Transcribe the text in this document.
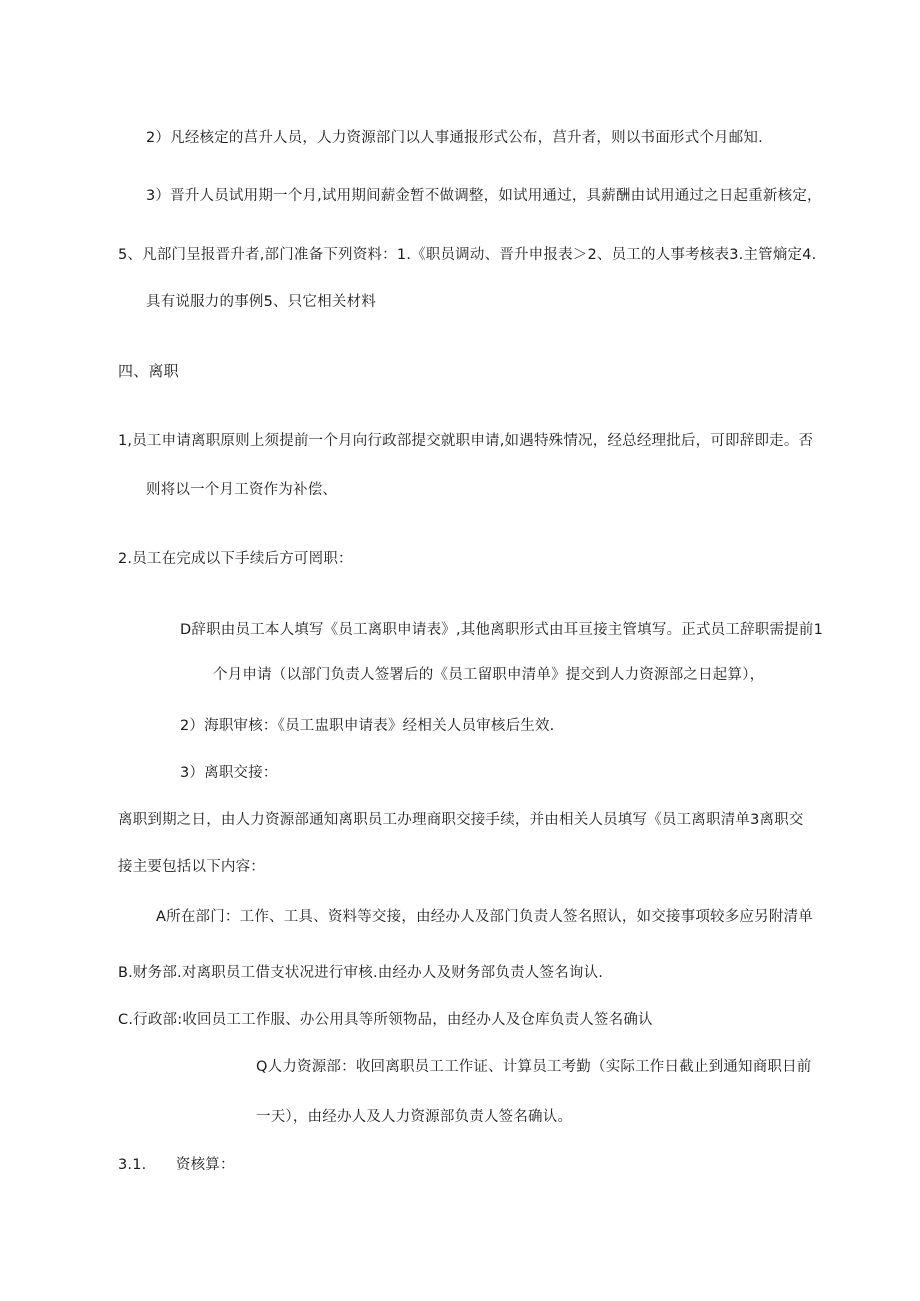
2）凡经核定的莒升人员，人力资源部门以人事通报形式公布，莒升者，则以书面形式个月邮知.
3）晋升人员试用期一个月,试用期间薪金暂不做调整，如试用通过，具薪酬由试用通过之日起重新核定，
5、凡部门呈报晋升者,部门准备下列资料：1.《职员调动、晋升申报表＞2、员工的人事考核表3.主管熵定4.
具有说服力的事例5、只它相关材料
四、离职
1,员工申请离职原则上须提前一个月向行政部提交就职申请,如遇特殊情况，经总经理批后，可即辞即走。否
则将以一个月工资作为补偿、
2.员工在完成以下手续后方可罔职：
D辞职由员工本人填写《员工离职申请表》,其他离职形式由耳亘接主管填写。正式员工辞职需提前1
个月申请（以部门负责人签署后的《员工留职申清单》提交到人力资源部之日起算），
2）海职审核：《员工盅职申请表》经相关人员审核后生效.
3）离职交接：
离职到期之日，由人力资源部通知离职员工办理商职交接手续，并由相关人员填写《员工离职清单3离职交
接主要包括以下内容：
A所在部门：工作、工具、资料等交接，由经办人及部门负责人签名照认，如交接事项较多应另附清单
B.财务部.对离职员工借支状况进行审核.由经办人及财务部负责人签名询认.
C.行政部:收回员工工作服、办公用具等所领物品，由经办人及仓库负责人签名确认
Q人力资源部：收回离职员工工作证、计算员工考勤（实际工作日截止到通知商职日前
一天），由经办人及人力资源部负责人签名确认。
3.1.　　资核算：
